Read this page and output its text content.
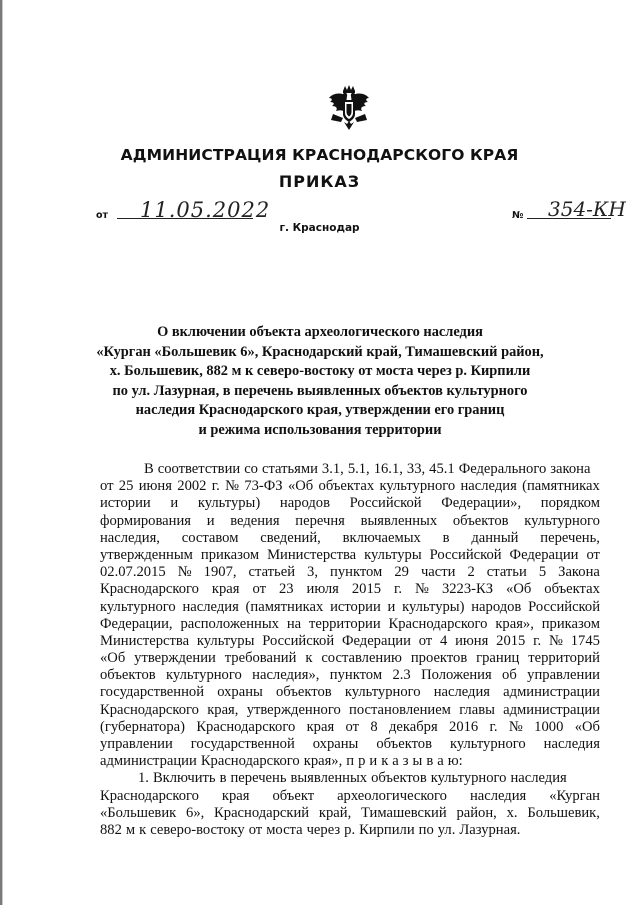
АДМИНИСТРАЦИЯ КРАСНОДАРСКОГО КРАЯ
ПРИКАЗ
от 11.05.2022	№ 354-КН
г. Краснодар
О включении объекта археологического наследия
«Курган «Большевик 6», Краснодарский край, Тимашевский район,
х. Большевик, 882 м к северо-востоку от моста через р. Кирпили
по ул. Лазурная, в перечень выявленных объектов культурного
наследия Краснодарского края, утверждении его границ
и режима использования территории
В соответствии со статьями 3.1, 5.1, 16.1, 33, 45.1 Федерального закона
от 25 июня 2002 г. № 73-ФЗ «Об объектах культурного наследия (памятниках
истории и культуры) народов Российской Федерации», порядком
формирования и ведения перечня выявленных объектов культурного
наследия, составом сведений, включаемых в данный перечень,
утвержденным приказом Министерства культуры Российской Федерации от
02.07.2015 № 1907, статьей 3, пунктом 29 части 2 статьи 5 Закона
Краснодарского края от 23 июля 2015 г. № 3223-КЗ «Об объектах
культурного наследия (памятниках истории и культуры) народов Российской
Федерации, расположенных на территории Краснодарского края», приказом
Министерства культуры Российской Федерации от 4 июня 2015 г. № 1745
«Об утверждении требований к составлению проектов границ территорий
объектов культурного наследия», пунктом 2.3 Положения об управлении
государственной охраны объектов культурного наследия администрации
Краснодарского края, утвержденного постановлением главы администрации
(губернатора) Краснодарского края от 8 декабря 2016 г. № 1000 «Об
управлении государственной охраны объектов культурного наследия
администрации Краснодарского края», п р и к а з ы в а ю:
1. Включить в перечень выявленных объектов культурного наследия
Краснодарского края объект археологического наследия «Курган
«Большевик 6», Краснодарский край, Тимашевский район, х. Большевик,
882 м к северо-востоку от моста через р. Кирпили по ул. Лазурная.
